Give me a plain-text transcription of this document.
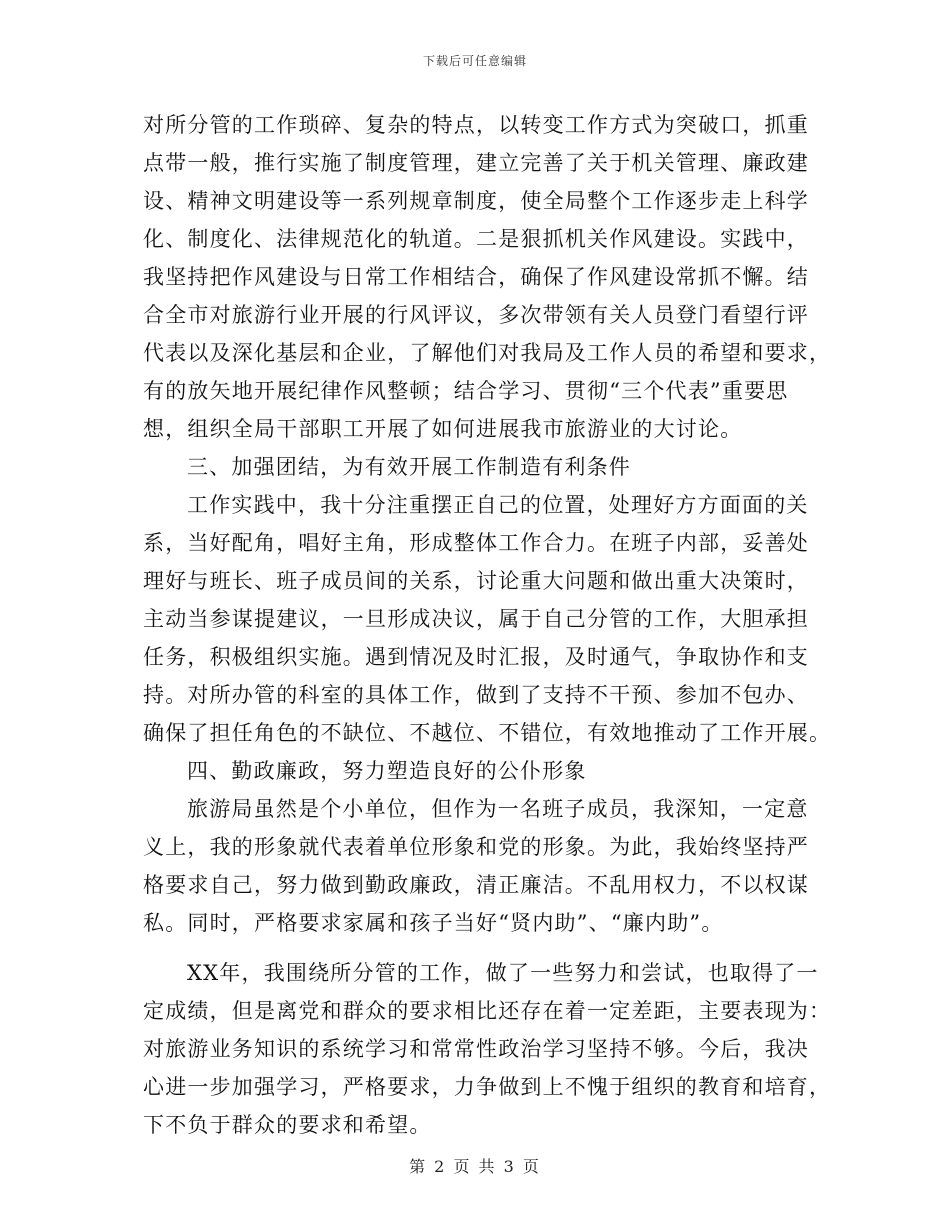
下载后可任意编辑
对所分管的工作琐碎、复杂的特点，以转变工作方式为突破口，抓重
点带一般，推行实施了制度管理，建立完善了关于机关管理、廉政建
设、精神文明建设等一系列规章制度，使全局整个工作逐步走上科学
化、制度化、法律规范化的轨道。二是狠抓机关作风建设。实践中，
我坚持把作风建设与日常工作相结合，确保了作风建设常抓不懈。结
合全市对旅游行业开展的行风评议，多次带领有关人员登门看望行评
代表以及深化基层和企业，了解他们对我局及工作人员的希望和要求，
有的放矢地开展纪律作风整顿；结合学习、贯彻“三个代表”重要思
想，组织全局干部职工开展了如何进展我市旅游业的大讨论。
三、加强团结，为有效开展工作制造有利条件
工作实践中，我十分注重摆正自己的位置，处理好方方面面的关
系，当好配角，唱好主角，形成整体工作合力。在班子内部，妥善处
理好与班长、班子成员间的关系，讨论重大问题和做出重大决策时，
主动当参谋提建议，一旦形成决议，属于自己分管的工作，大胆承担
任务，积极组织实施。遇到情况及时汇报，及时通气，争取协作和支
持。对所办管的科室的具体工作，做到了支持不干预、参加不包办、
确保了担任角色的不缺位、不越位、不错位，有效地推动了工作开展。
四、勤政廉政，努力塑造良好的公仆形象
旅游局虽然是个小单位，但作为一名班子成员，我深知，一定意
义上，我的形象就代表着单位形象和党的形象。为此，我始终坚持严
格要求自己，努力做到勤政廉政，清正廉洁。不乱用权力，不以权谋
私。同时，严格要求家属和孩子当好“贤内助”、“廉内助”。
XX年，我围绕所分管的工作，做了一些努力和尝试，也取得了一
定成绩，但是离党和群众的要求相比还存在着一定差距，主要表现为：
对旅游业务知识的系统学习和常常性政治学习坚持不够。今后，我决
心进一步加强学习，严格要求，力争做到上不愧于组织的教育和培育，
下不负于群众的要求和希望。
第 2 页 共 3 页
